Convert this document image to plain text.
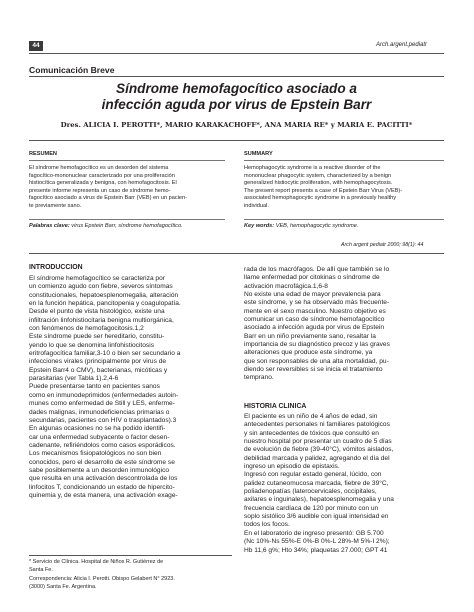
44	Arch.argent.pediatr
Comunicación Breve
Síndrome hemofagocítico asociado a
infección aguda por virus de Epstein Barr
Dres. ALICIA I. PEROTTI*, MARIO KARAKACHOFF*, ANA MARIA RE* y MARIA E. PACITTI*
RESUMEN
El síndrome hemofagocítico es un desorden del sistema
fagocítico-mononuclear caracterizado por una proliferación
histiocítica generalizada y benigna, con hemofagocitosis. El
presente informe representa un caso de síndrome hemo-
fagocítico asociado a virus de Epstein Barr (VEB) en un pacien-
te previamente sano.
Palabras clave: virus Epstein Barr, síndrome hemofagocítico.
SUMMARY
Hemophagocytic syndrome is a reactive disorder of the
mononuclear phagocytic system, characterized by a benign
generalized histiocytic proliferation, with hemophagocytosis.
The present report presents a case of Epstein Barr Virus (VEB)-
associated hemophagocytic syndrome in a previously healthy
individual.
Key words: VEB, hemophagocytic syndrome.
Arch argent pediatr 2000; 98(1): 44
INTRODUCCION
El síndrome hemofagocítico se caracteriza por
un comienzo agudo con fiebre, severos síntomas
constitucionales, hepatoesplenomegalia, alteración
en la función hepática, pancitopenia y coagulopatía.
Desde el punto de vista histológico, existe una
infiltración linfohistiocitaria benigna multiorgánica,
con fenómenos de hemofagocitosis.1,2
Este síndrome puede ser hereditario, constitu-
yendo lo que se denomina linfohistiocitosis
eritrofagocítica familiar,3-10 o bien ser secundario a
infecciones virales (principalmente por virus de
Epstein Barr4 o CMV), bacterianas, micóticas y
parasitarias (ver Tabla 1).2,4-6
Puede presentarse tanto en pacientes sanos
como en inmunodeprimidos (enfermedades autoin-
munes como enfermedad de Still y LES, enferme-
dades malignas, inmunodeficiencias primarias o
secundarias, pacientes con HIV o trasplantados).3
En algunas ocasiones no se ha podido identifi-
car una enfermedad subyacente o factor desen-
cadenante, refiriéndolos como casos esporádicos.
Los mecanismos fisiopatológicos no son bien
conocidos, pero el desarrollo de este síndrome se
sabe posiblemente a un desorden inmunológico
que resulta en una activación descontrolada de los
linfocitos T, condicionando un estado de hipercito-
quinemia y, de esta manera, una activación exage-
* Servicio de Clínica. Hospital de Niños R. Gutiérrez de
Santa Fe.
Correspondencia: Alicia I. Perotti. Obispo Gelabert N° 2923.
(3000) Santa Fe. Argentina.
rada de los macrófagos. De allí que también se lo
llame enfermedad por citokinas o síndrome de
activación macrofágica.1,6-8
No existe una edad de mayor prevalencia para
este síndrome, y se ha observado más frecuente-
mente en el sexo masculino. Nuestro objetivo es
comunicar un caso de síndrome hemofagocítico
asociado a infección aguda por virus de Epstein
Barr en un niño previamente sano, resaltar la
importancia de su diagnóstico precoz y las graves
alteraciones que produce este síndrome, ya
que son responsables de una alta mortalidad, pu-
diendo ser reversibles si se inicia el tratamiento
temprano.
HISTORIA CLINICA
El paciente es un niño de 4 años de edad, sin
antecedentes personales ni familiares patológicos
y sin antecedentes de tóxicos que consultó en
nuestro hospital por presentar un cuadro de 5 días
de evolución de fiebre (39-40°C), vómitos aislados,
debilidad marcada y palidez, agregando el día del
ingreso un episodio de epistaxis.
Ingresó con regular estado general, lúcido, con
palidez cutaneomucosa marcada, fiebre de 39°C,
poliadenopatías (laterocervicales, occipitales,
axilares e inguinales), hepatoesplenomegalia y una
frecuencia cardíaca de 120 por minuto con un
soplo sistólico 3/6 audible con igual intensidad en
todos los focos.
En el laboratorio de ingreso presentó: GB 5.700
(Nc 10%-Ns 55%-E 0%-B 0%-L 28%-M 5%-I 2%);
Hb 11,6 g%; Hto 34%; plaquetas 27.000; GPT 41
